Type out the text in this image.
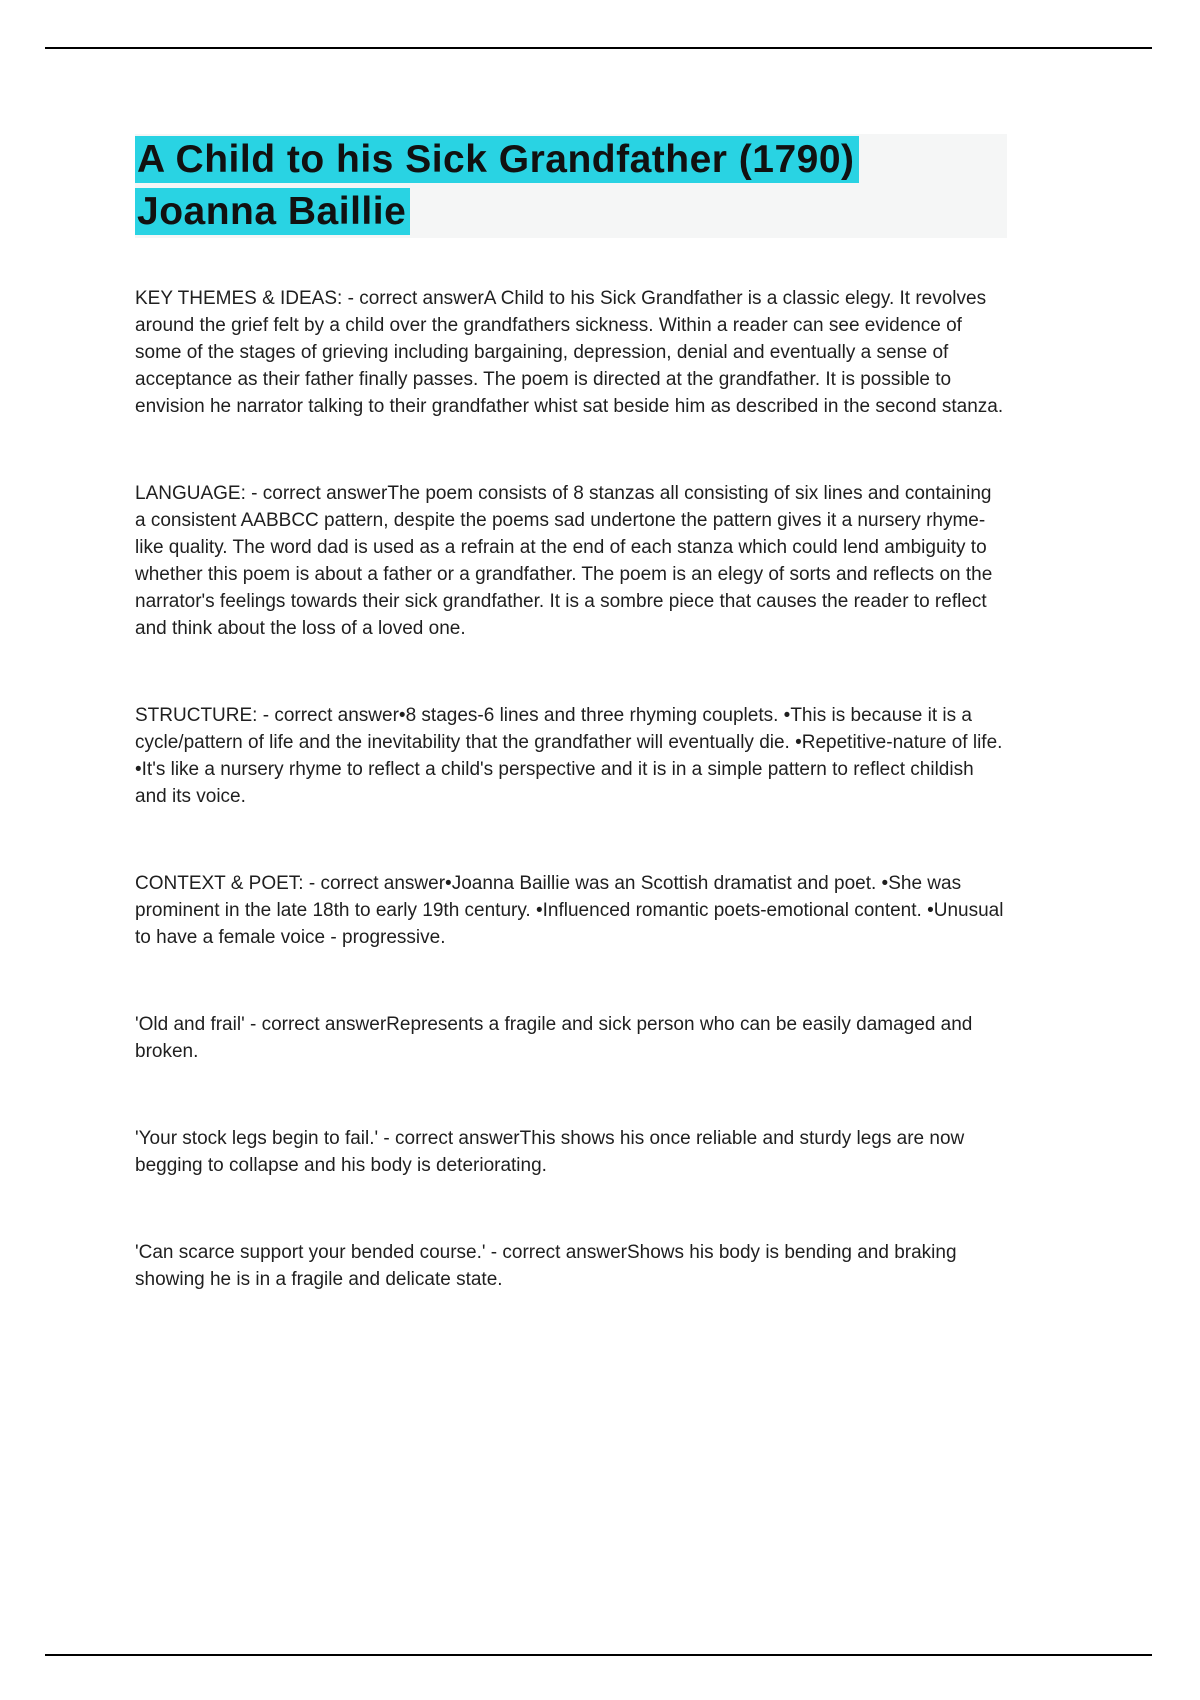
A Child to his Sick Grandfather (1790)
Joanna Baillie

KEY THEMES & IDEAS: - correct answerA Child to his Sick Grandfather is a classic elegy. It revolves around the grief felt by a child over the grandfathers sickness. Within a reader can see evidence of some of the stages of grieving including bargaining, depression, denial and eventually a sense of acceptance as their father finally passes. The poem is directed at the grandfather. It is possible to envision he narrator talking to their grandfather whist sat beside him as described in the second stanza.

LANGUAGE: - correct answerThe poem consists of 8 stanzas all consisting of six lines and containing a consistent AABBCC pattern, despite the poems sad undertone the pattern gives it a nursery rhyme-like quality. The word dad is used as a refrain at the end of each stanza which could lend ambiguity to whether this poem is about a father or a grandfather. The poem is an elegy of sorts and reflects on the narrator's feelings towards their sick grandfather. It is a sombre piece that causes the reader to reflect and think about the loss of a loved one.

STRUCTURE: - correct answer•8 stages-6 lines and three rhyming couplets. •This is because it is a cycle/pattern of life and the inevitability that the grandfather will eventually die. •Repetitive-nature of life. •It's like a nursery rhyme to reflect a child's perspective and it is in a simple pattern to reflect childish and its voice.

CONTEXT & POET: - correct answer•Joanna Baillie was an Scottish dramatist and poet. •She was prominent in the late 18th to early 19th century. •Influenced romantic poets-emotional content. •Unusual to have a female voice - progressive.

'Old and frail' - correct answerRepresents a fragile and sick person who can be easily damaged and broken.

'Your stock legs begin to fail.' - correct answerThis shows his once reliable and sturdy legs are now begging to collapse and his body is deteriorating.

'Can scarce support your bended course.' - correct answerShows his body is bending and braking showing he is in a fragile and delicate state.
